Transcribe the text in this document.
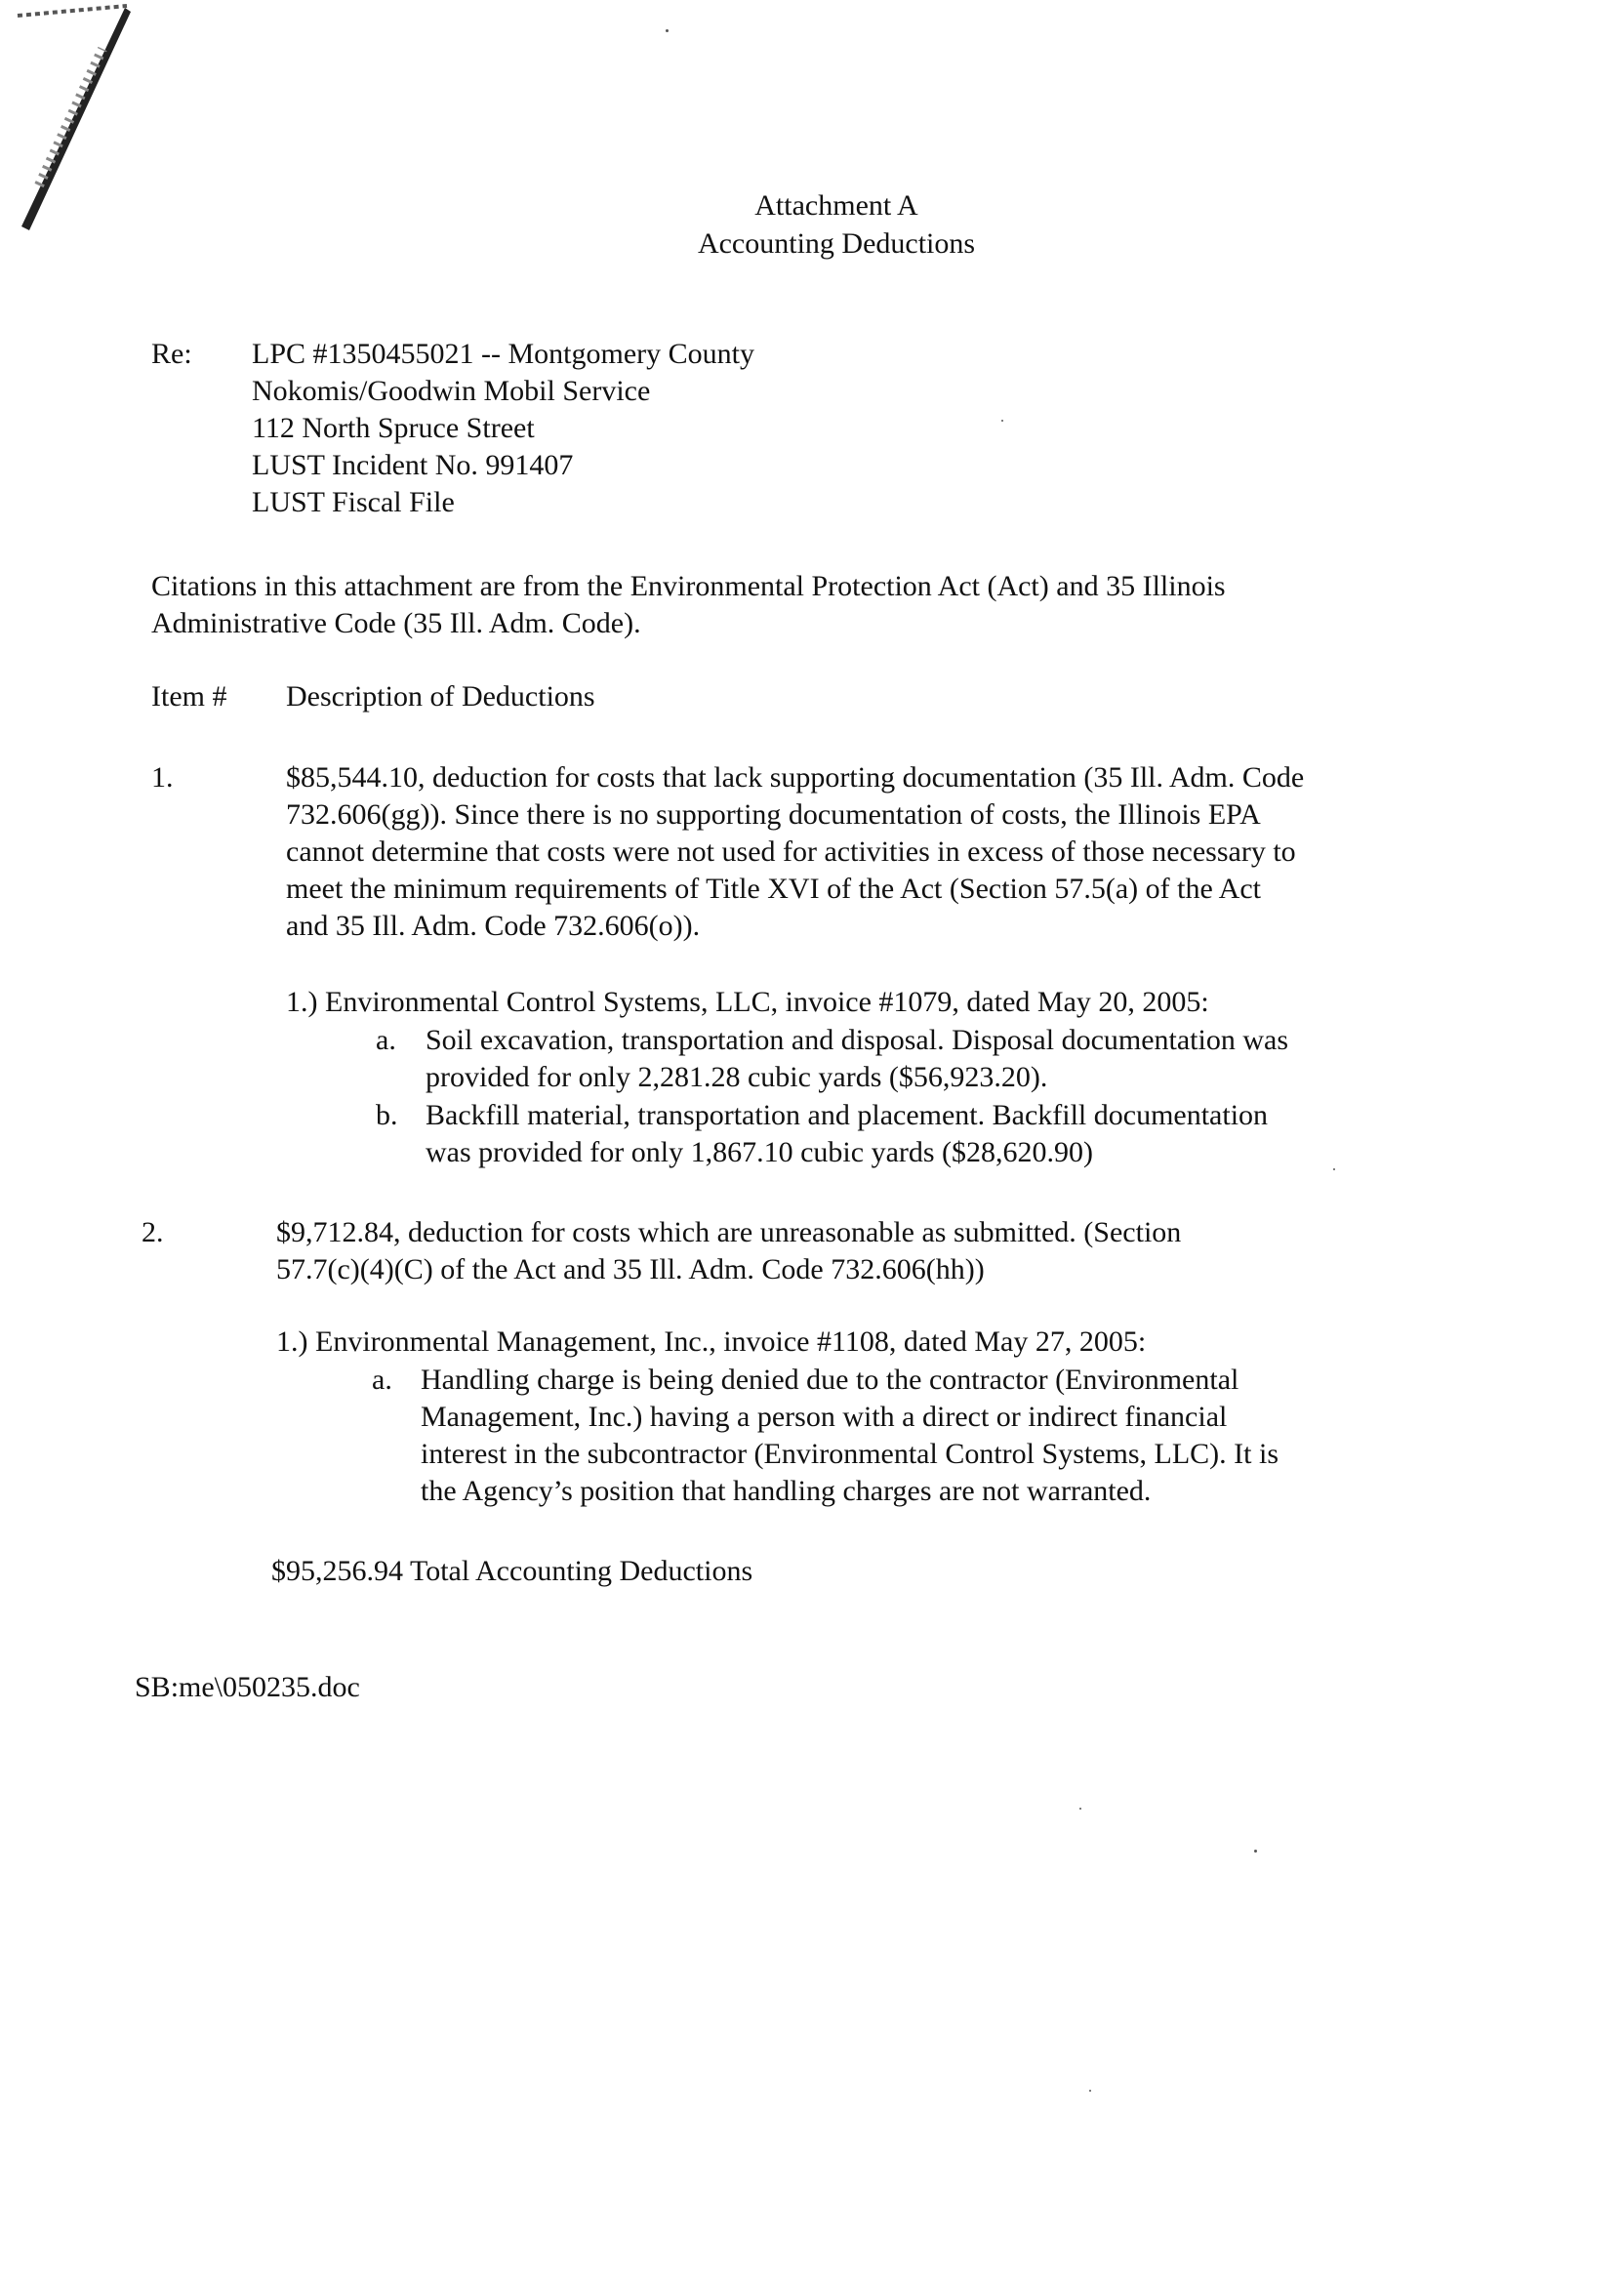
Attachment A
Accounting Deductions
Re: LPC #1350455021 -- Montgomery County
Nokomis/Goodwin Mobil Service
112 North Spruce Street
LUST Incident No. 991407
LUST Fiscal File
Citations in this attachment are from the Environmental Protection Act (Act) and 35 Illinois
Administrative Code (35 Ill. Adm. Code).
Item # Description of Deductions
1.	$85,544.10, deduction for costs that lack supporting documentation (35 Ill. Adm. Code
732.606(gg)). Since there is no supporting documentation of costs, the Illinois EPA
cannot determine that costs were not used for activities in excess of those necessary to
meet the minimum requirements of Title XVI of the Act (Section 57.5(a) of the Act
and 35 Ill. Adm. Code 732.606(o)).
1.) Environmental Control Systems, LLC, invoice #1079, dated May 20, 2005:
a. Soil excavation, transportation and disposal. Disposal documentation was
provided for only 2,281.28 cubic yards ($56,923.20).
b. Backfill material, transportation and placement. Backfill documentation
was provided for only 1,867.10 cubic yards ($28,620.90)
2.	$9,712.84, deduction for costs which are unreasonable as submitted. (Section
57.7(c)(4)(C) of the Act and 35 Ill. Adm. Code 732.606(hh))
1.) Environmental Management, Inc., invoice #1108, dated May 27, 2005:
a. Handling charge is being denied due to the contractor (Environmental
Management, Inc.) having a person with a direct or indirect financial
interest in the subcontractor (Environmental Control Systems, LLC). It is
the Agency’s position that handling charges are not warranted.
$95,256.94 Total Accounting Deductions
SB:me\050235.doc
